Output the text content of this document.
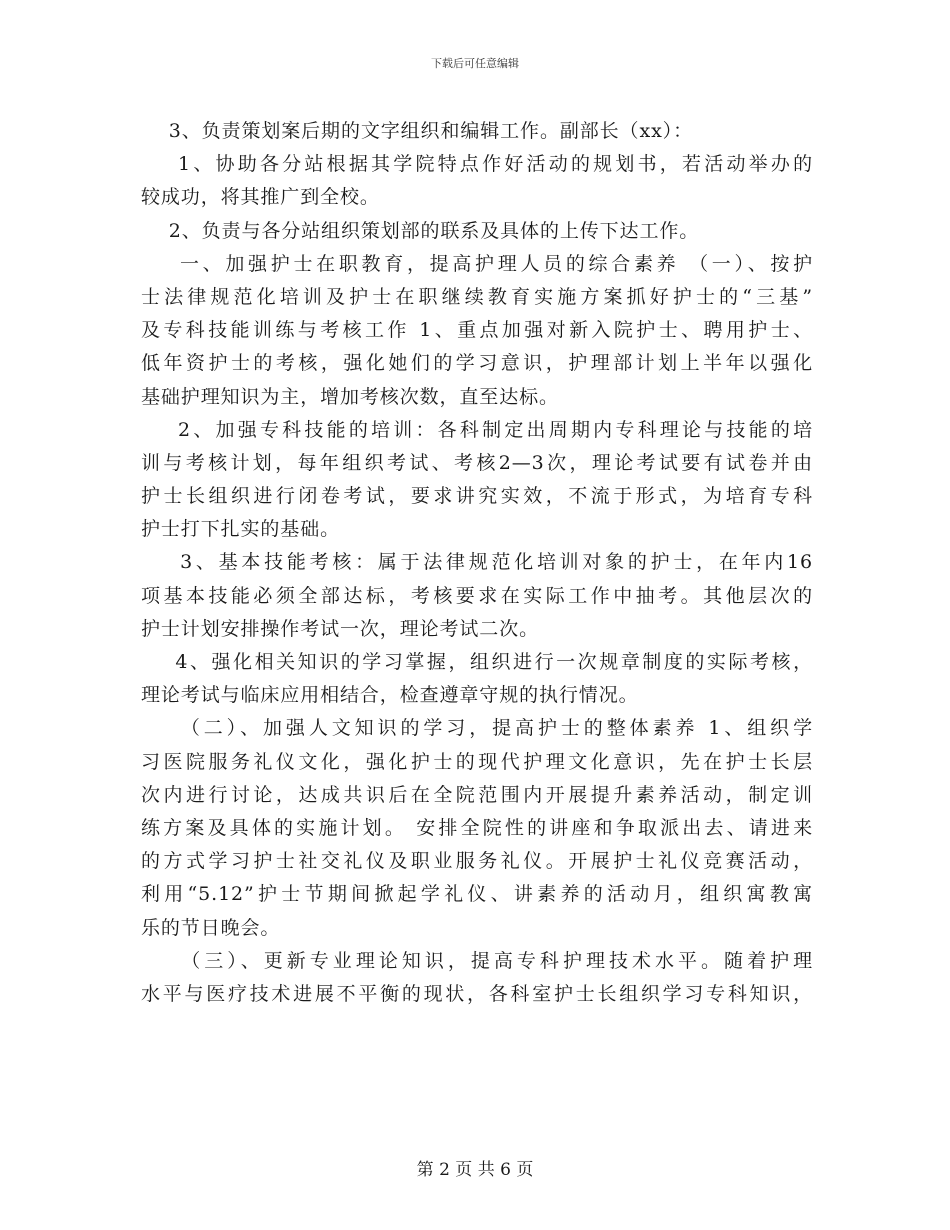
下载后可任意编辑
3、负责策划案后期的文字组织和编辑工作。副部长（xx）：
1、协助各分站根据其学院特点作好活动的规划书，若活动举办的
较成功，将其推广到全校。
2、负责与各分站组织策划部的联系及具体的上传下达工作。
一、加强护士在职教育，提高护理人员的综合素养 （一）、按护
士法律规范化培训及护士在职继续教育实施方案抓好护士的“三基”
及专科技能训练与考核工作 1、重点加强对新入院护士、聘用护士、
低年资护士的考核，强化她们的学习意识，护理部计划上半年以强化
基础护理知识为主，增加考核次数，直至达标。
2、加强专科技能的培训：各科制定出周期内专科理论与技能的培
训与考核计划，每年组织考试、考核2—3次，理论考试要有试卷并由
护士长组织进行闭卷考试，要求讲究实效，不流于形式，为培育专科
护士打下扎实的基础。
3、基本技能考核：属于法律规范化培训对象的护士，在年内16
项基本技能必须全部达标，考核要求在实际工作中抽考。其他层次的
护士计划安排操作考试一次，理论考试二次。
4、强化相关知识的学习掌握，组织进行一次规章制度的实际考核，
理论考试与临床应用相结合，检查遵章守规的执行情况。
（二）、加强人文知识的学习，提高护士的整体素养 1、组织学
习医院服务礼仪文化，强化护士的现代护理文化意识，先在护士长层
次内进行讨论，达成共识后在全院范围内开展提升素养活动，制定训
练方案及具体的实施计划。 安排全院性的讲座和争取派出去、请进来
的方式学习护士社交礼仪及职业服务礼仪。开展护士礼仪竞赛活动，
利用“5.12”护士节期间掀起学礼仪、讲素养的活动月，组织寓教寓
乐的节日晚会。
（三）、更新专业理论知识，提高专科护理技术水平。随着护理
水平与医疗技术进展不平衡的现状，各科室护士长组织学习专科知识，
第 2 页 共 6 页
